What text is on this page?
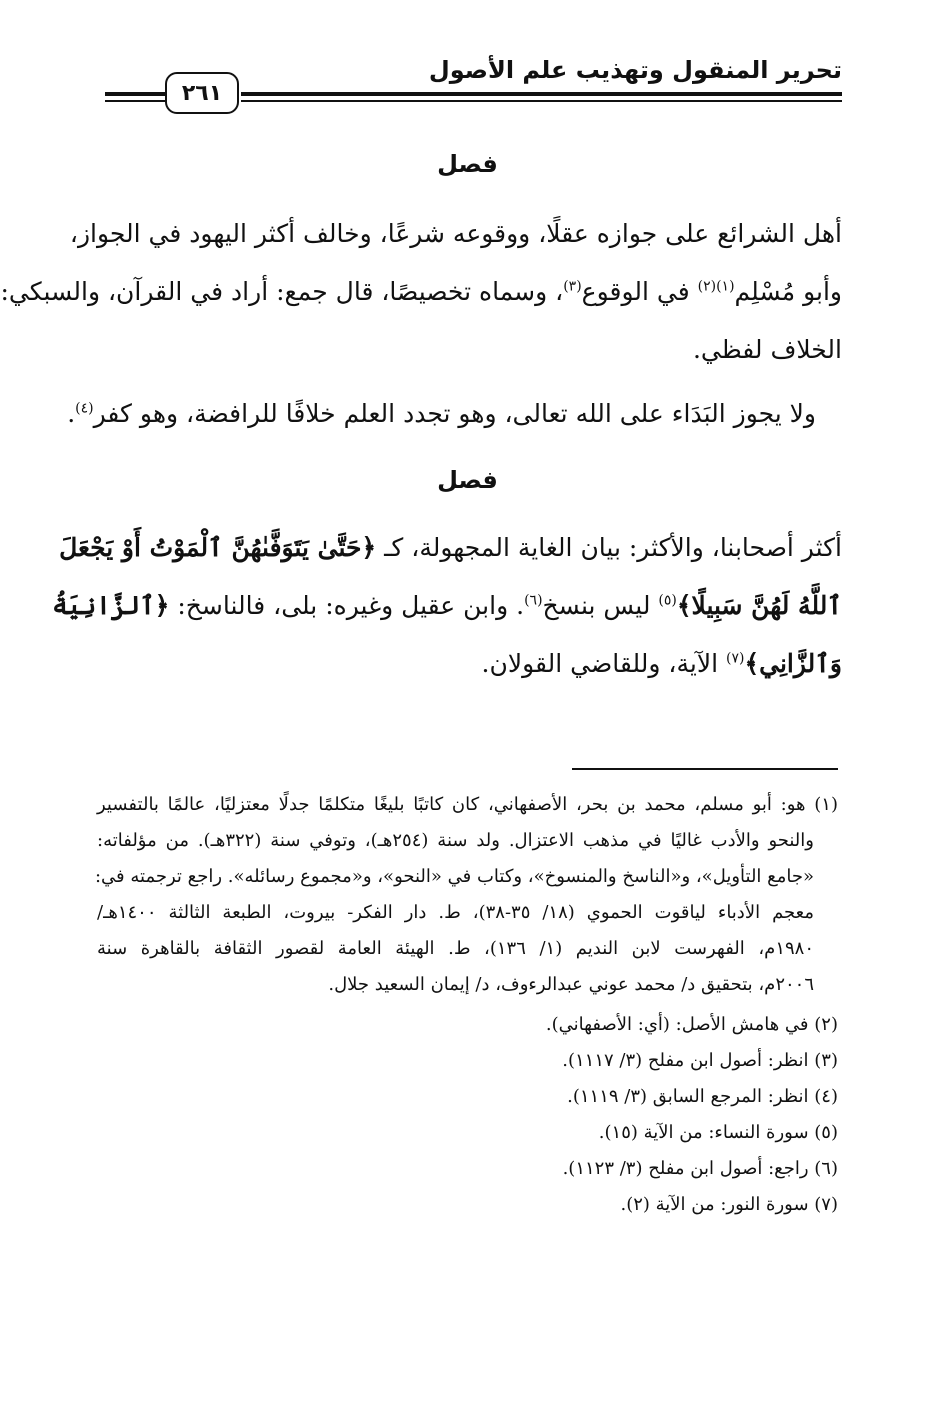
تحرير المنقول وتهذيب علم الأصول
٢٦١
فصل
أهل الشرائع على جوازه عقلًا، ووقوعه شرعًا، وخالف أكثر اليهود في الجواز،
وأبو مُسْلِم$^{(١)(٢)}$ في الوقوع$^{(٣)}$، وسماه تخصيصًا، قال جمع: أراد في القرآن، والسبكي:
الخلاف لفظي.
ولا يجوز البَدَاء على الله تعالى، وهو تجدد العلم خلافًا للرافضة، وهو كفر$^{(٤)}$.
فصل
أكثر أصحابنا، والأكثر: بيان الغاية المجهولة، كـ ﴿حَتَّىٰ يَتَوَفَّىٰهُنَّ ٱلْمَوْتُ أَوْ يَجْعَلَ
ٱللَّهُ لَهُنَّ سَبِيلًا﴾$^{(٥)}$ ليس بنسخ$^{(٦)}$. وابن عقيل وغيره: بلى، فالناسخ: ﴿ٱلزَّانِيَةُ
وَٱلزَّانِي﴾$^{(٧)}$ الآية، وللقاضي القولان.
(١) هو: أبو مسلم، محمد بن بحر، الأصفهاني، كان كاتبًا بليغًا متكلمًا جدلًا معتزليًا، عالمًا بالتفسير
والنحو والأدب غاليًا في مذهب الاعتزال. ولد سنة (٢٥٤هـ)، وتوفي سنة (٣٢٢هـ). من مؤلفاته:
«جامع التأويل»، و«الناسخ والمنسوخ»، وكتاب في «النحو»، و«مجموع رسائله». راجع ترجمته في:
معجم الأدباء لياقوت الحموي (١٨/ ٣٥-٣٨)، ط. دار الفكر- بيروت، الطبعة الثالثة ١٤٠٠هـ/
١٩٨٠م، الفهرست لابن النديم (١/ ١٣٦)، ط. الهيئة العامة لقصور الثقافة بالقاهرة سنة
٢٠٠٦م، بتحقيق د/ محمد عوني عبدالرءوف، د/ إيمان السعيد جلال.
(٢) في هامش الأصل: (أي: الأصفهاني).
(٣) انظر: أصول ابن مفلح (٣/ ١١١٧).
(٤) انظر: المرجع السابق (٣/ ١١١٩).
(٥) سورة النساء: من الآية (١٥).
(٦) راجع: أصول ابن مفلح (٣/ ١١٢٣).
(٧) سورة النور: من الآية (٢).
